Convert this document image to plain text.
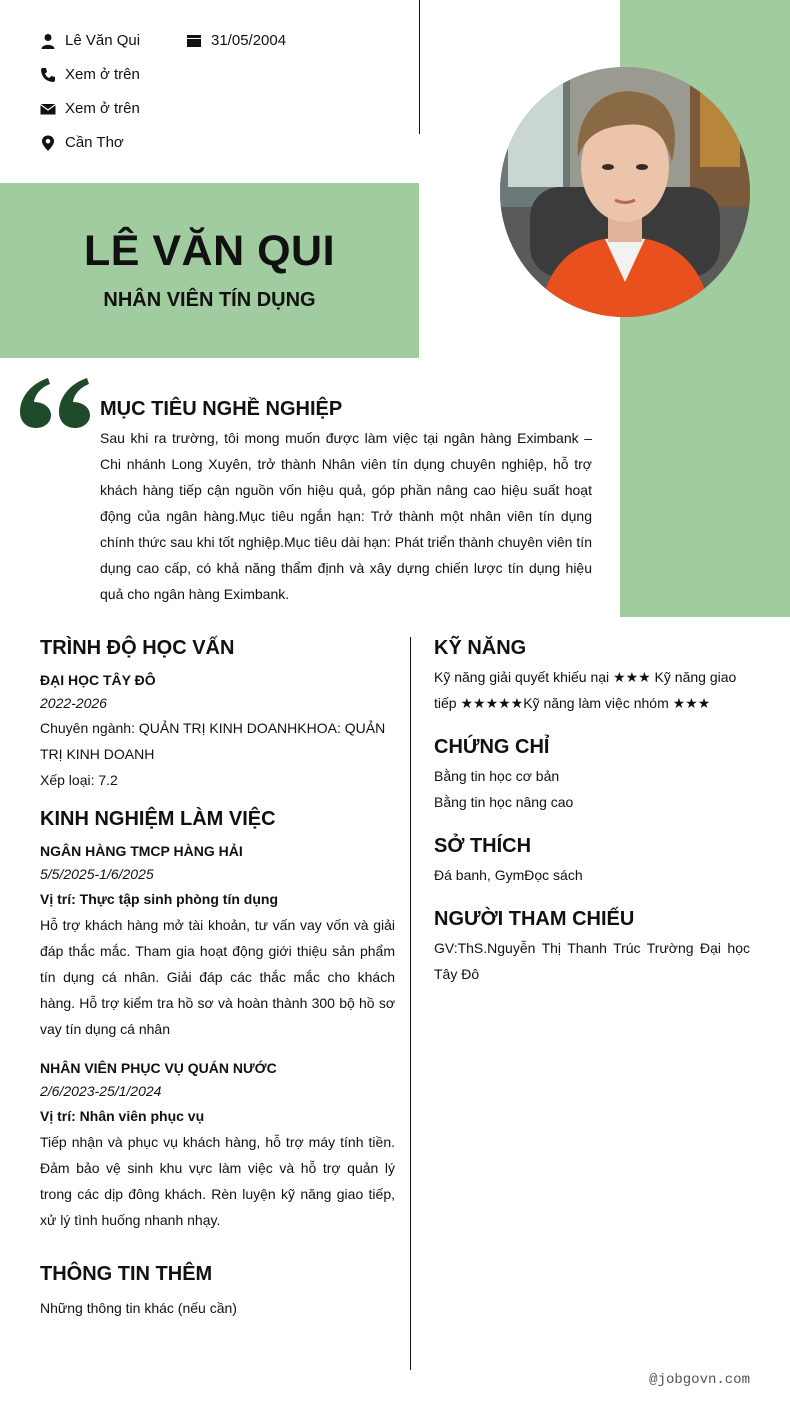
Lê Văn Qui	31/05/2004
Xem ở trên
Xem ở trên
Cần Thơ
LÊ VĂN QUI
NHÂN VIÊN TÍN DỤNG
MỤC TIÊU NGHỀ NGHIỆP
Sau khi ra trường, tôi mong muốn được làm việc tại ngân hàng Eximbank – Chi nhánh Long Xuyên, trở thành Nhân viên tín dụng chuyên nghiệp, hỗ trợ khách hàng tiếp cận nguồn vốn hiệu quả, góp phần nâng cao hiệu suất hoạt động của ngân hàng.Mục tiêu ngắn hạn: Trở thành một nhân viên tín dụng chính thức sau khi tốt nghiệp.Mục tiêu dài hạn: Phát triển thành chuyên viên tín dụng cao cấp, có khả năng thẩm định và xây dựng chiến lược tín dụng hiệu quả cho ngân hàng Eximbank.
TRÌNH ĐỘ HỌC VẤN
ĐẠI HỌC TÂY ĐÔ
2022-2026
Chuyên ngành: QUẢN TRỊ KINH DOANHKHOA: QUẢN TRỊ KINH DOANH
Xếp loại: 7.2
KINH NGHIỆM LÀM VIỆC
NGÂN HÀNG TMCP HÀNG HẢI
5/5/2025-1/6/2025
Vị trí: Thực tập sinh phòng tín dụng
Hỗ trợ khách hàng mở tài khoản, tư vấn vay vốn và giải đáp thắc mắc. Tham gia hoạt động giới thiệu sản phẩm tín dụng cá nhân. Giải đáp các thắc mắc cho khách hàng. Hỗ trợ kiểm tra hồ sơ và hoàn thành 300 bộ hồ sơ vay tín dụng cá nhân
NHÂN VIÊN PHỤC VỤ QUÁN NƯỚC
2/6/2023-25/1/2024
Vị trí: Nhân viên phục vụ
Tiếp nhận và phục vụ khách hàng, hỗ trợ máy tính tiền. Đảm bảo vệ sinh khu vực làm việc và hỗ trợ quản lý trong các dịp đông khách. Rèn luyện kỹ năng giao tiếp, xử lý tình huống nhanh nhạy.
THÔNG TIN THÊM
Những thông tin khác (nếu cần)
KỸ NĂNG
Kỹ năng giải quyết khiếu nại ★★★ Kỹ năng giao tiếp ★★★★★Kỹ năng làm việc nhóm ★★★
CHỨNG CHỈ
Bằng tin học cơ bản
Bằng tin học nâng cao
SỞ THÍCH
Đá banh, GymĐọc sách
NGƯỜI THAM CHIẾU
GV:ThS.Nguyễn Thị Thanh Trúc Trường Đại học Tây Đô
@jobgovn.com
